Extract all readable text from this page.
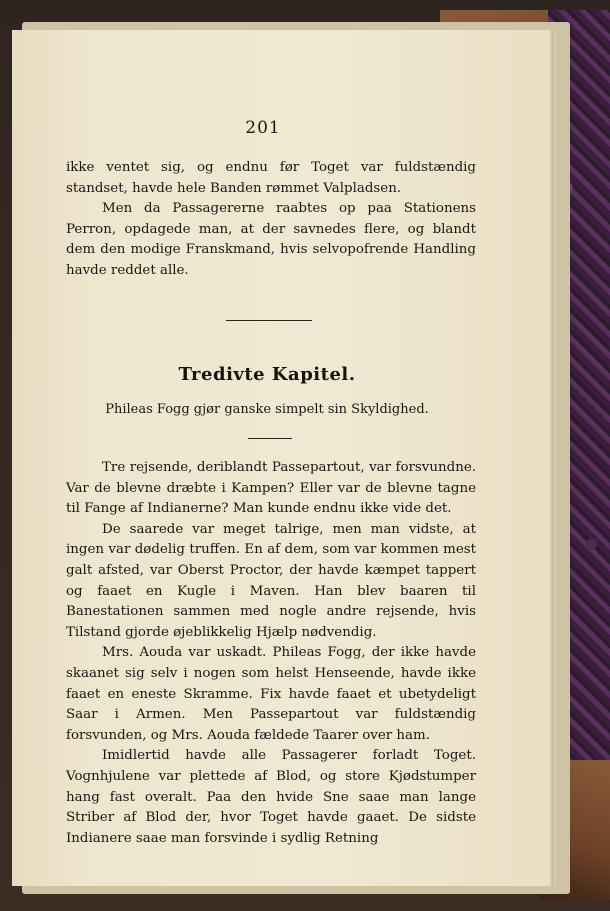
201

ikke ventet sig, og endnu før Toget var fuldstændig standset, havde hele Banden rømmet Valpladsen.

Men da Passagererne raabtes op paa Stationens Perron, opdagede man, at der savnedes flere, og blandt dem den modige Franskmand, hvis selvopofrende Handling havde reddet alle.

Tredivte Kapitel.
Phileas Fogg gjør ganske simpelt sin Skyldighed.

Tre rejsende, deriblandt Passepartout, var forsvundne. Var de blevne dræbte i Kampen? Eller var de blevne tagne til Fange af Indianerne? Man kunde endnu ikke vide det.

De saarede var meget talrige, men man vidste, at ingen var dødelig truffen. En af dem, som var kommen mest galt afsted, var Oberst Proctor, der havde kæmpet tappert og faaet en Kugle i Maven. Han blev baaren til Banestationen sammen med nogle andre rejsende, hvis Tilstand gjorde øjeblikkelig Hjælp nødvendig.

Mrs. Aouda var uskadt. Phileas Fogg, der ikke havde skaanet sig selv i nogen som helst Henseende, havde ikke faaet en eneste Skramme. Fix havde faaet et ubetydeligt Saar i Armen. Men Passepartout var fuldstændig forsvunden, og Mrs. Aouda fældede Taarer over ham.

Imidlertid havde alle Passagerer forladt Toget. Vognhjulene var plettede af Blod, og store Kjødstumper hang fast overalt. Paa den hvide Sne saae man lange Striber af Blod der, hvor Toget havde gaaet. De sidste Indianere saae man forsvinde i sydlig Retning
